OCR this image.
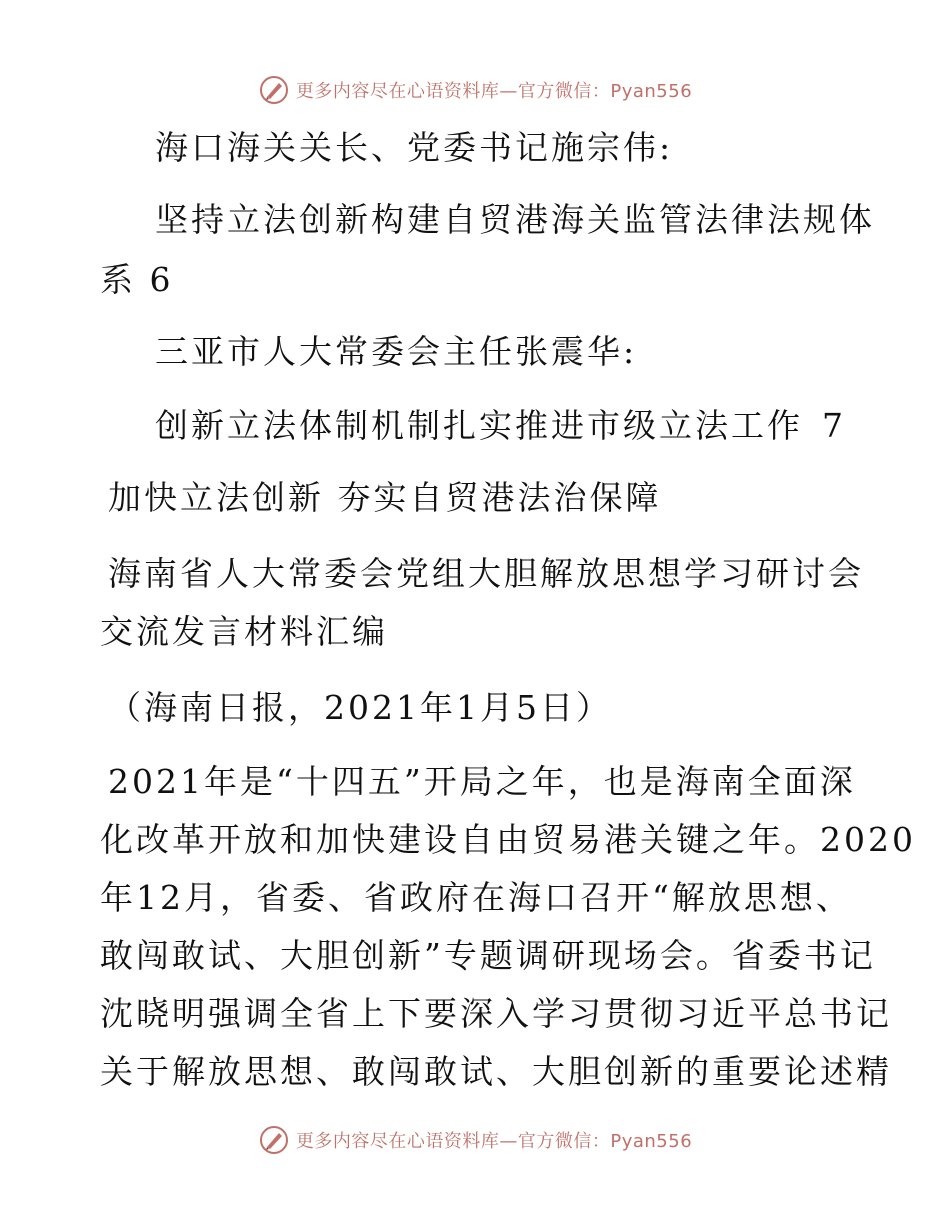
更多内容尽在心语资料库—官方微信：Pyan556
海口海关关长、党委书记施宗伟:
坚持立法创新构建自贸港海关监管法律法规体
系 6
三亚市人大常委会主任张震华:
创新立法体制机制扎实推进市级立法工作 7
加快立法创新 夯实自贸港法治保障
海南省人大常委会党组大胆解放思想学习研讨会
交流发言材料汇编
（海南日报，2021年1月5日）
2021年是“十四五”开局之年，也是海南全面深
化改革开放和加快建设自由贸易港关键之年。2020
年12月，省委、省政府在海口召开“解放思想、
敢闯敢试、大胆创新”专题调研现场会。省委书记
沈晓明强调全省上下要深入学习贯彻习近平总书记
关于解放思想、敢闯敢试、大胆创新的重要论述精
更多内容尽在心语资料库—官方微信：Pyan556
